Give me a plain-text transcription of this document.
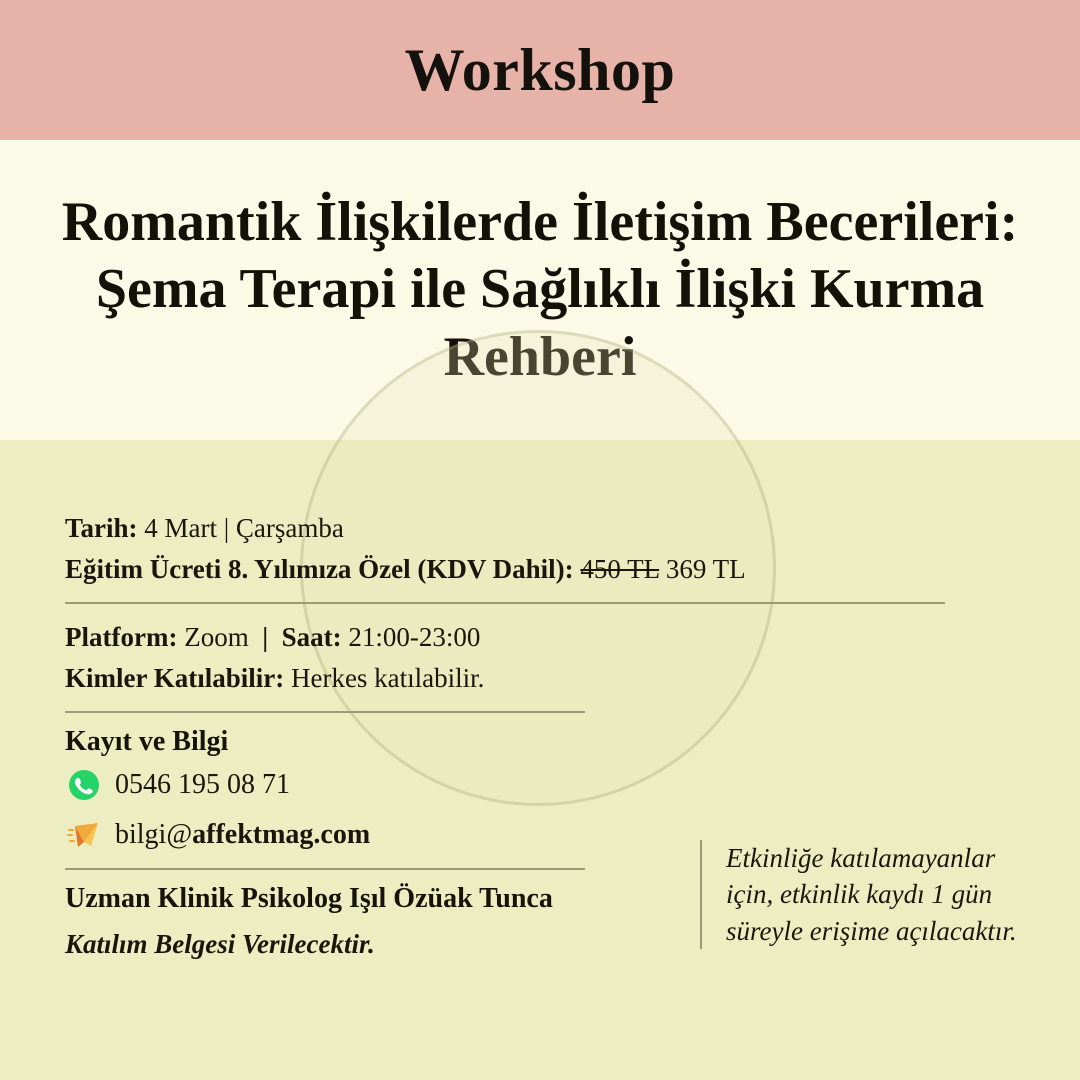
Workshop
Romantik İlişkilerde İletişim Becerileri: Şema Terapi ile Sağlıklı İlişki Kurma Rehberi
Tarih: 4 Mart | Çarşamba
Eğitim Ücreti 8. Yılımıza Özel (KDV Dahil): 450 TL 369 TL
Platform: Zoom | Saat: 21:00-23:00
Kimler Katılabilir: Herkes katılabilir.
Kayıt ve Bilgi
0546 195 08 71
bilgi@affektmag.com
Uzman Klinik Psikolog Işıl Özüak Tunca
Katılım Belgesi Verilecektir.
Etkinliğe katılamayanlar için, etkinlik kaydı 1 gün süreyle erişime açılacaktır.
